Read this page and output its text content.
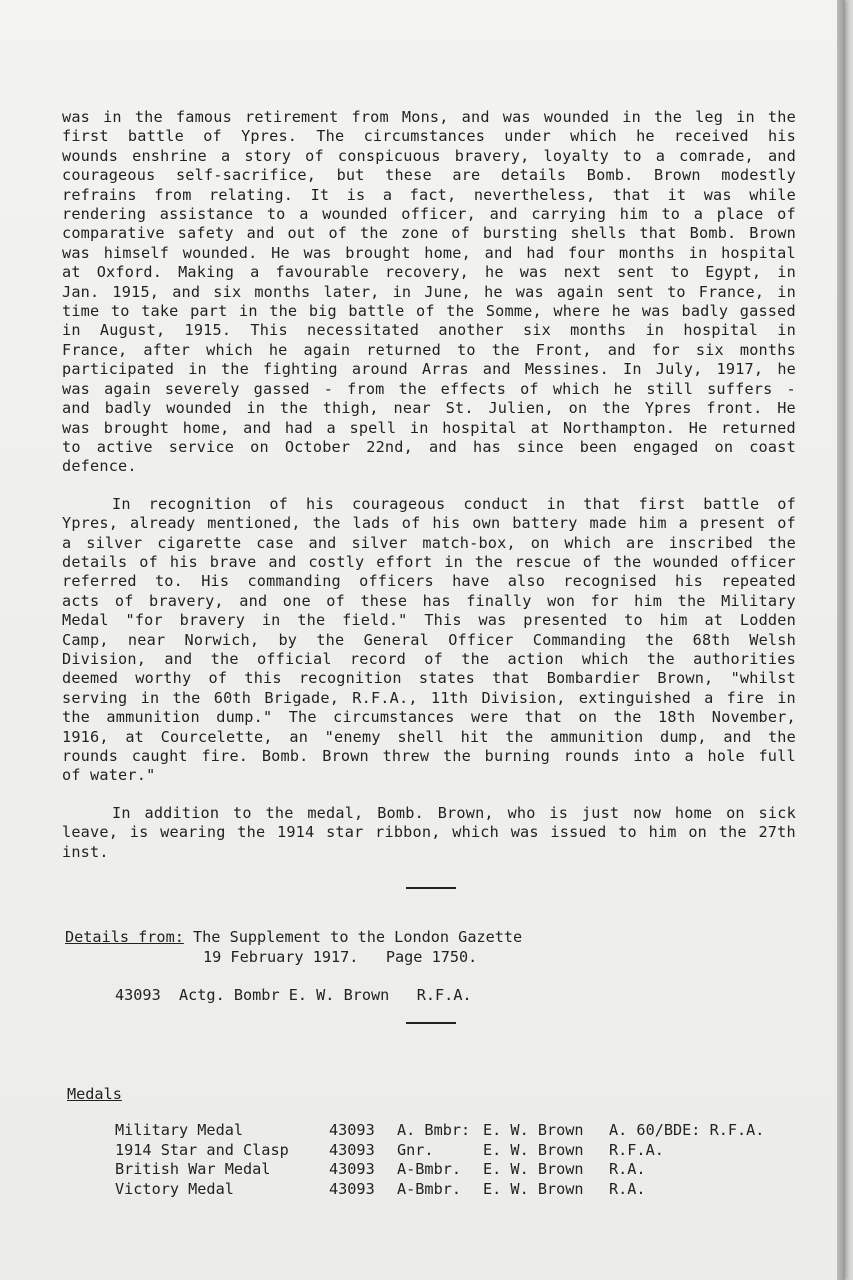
was in the famous retirement from Mons, and was wounded in the leg in the
first battle of Ypres. The circumstances under which he received his
wounds enshrine a story of conspicuous bravery, loyalty to a comrade, and
courageous self-sacrifice, but these are details Bomb. Brown modestly
refrains from relating. It is a fact, nevertheless, that it was while
rendering assistance to a wounded officer, and carrying him to a place of
comparative safety and out of the zone of bursting shells that Bomb. Brown
was himself wounded. He was brought home, and had four months in hospital
at Oxford. Making a favourable recovery, he was next sent to Egypt, in
Jan. 1915, and six months later, in June, he was again sent to France, in
time to take part in the big battle of the Somme, where he was badly gassed
in August, 1915. This necessitated another six months in hospital in
France, after which he again returned to the Front, and for six months
participated in the fighting around Arras and Messines. In July, 1917, he
was again severely gassed - from the effects of which he still suffers -
and badly wounded in the thigh, near St. Julien, on the Ypres front. He
was brought home, and had a spell in hospital at Northampton. He returned
to active service on October 22nd, and has since been engaged on coast
defence.
In recognition of his courageous conduct in that first battle of
Ypres, already mentioned, the lads of his own battery made him a present of
a silver cigarette case and silver match-box, on which are inscribed the
details of his brave and costly effort in the rescue of the wounded officer
referred to. His commanding officers have also recognised his repeated
acts of bravery, and one of these has finally won for him the Military
Medal "for bravery in the field." This was presented to him at Lodden
Camp, near Norwich, by the General Officer Commanding the 68th Welsh
Division, and the official record of the action which the authorities
deemed worthy of this recognition states that Bombardier Brown, "whilst
serving in the 60th Brigade, R.F.A., 11th Division, extinguished a fire in
the ammunition dump." The circumstances were that on the 18th November,
1916, at Courcelette, an "enemy shell hit the ammunition dump, and the
rounds caught fire. Bomb. Brown threw the burning rounds into a hole full
of water."
In addition to the medal, Bomb. Brown, who is just now home on sick
leave, is wearing the 1914 star ribbon, which was issued to him on the 27th
inst.
Details from: The Supplement to the London Gazette
19 February 1917.   Page 1750.
43093  Actg. Bombr E. W. Brown   R.F.A.
Medals
Military Medal	43093	A. Bmbr:	E. W. Brown	A. 60/BDE: R.F.A.
1914 Star and Clasp	43093	Gnr.	E. W. Brown	R.F.A.
British War Medal	43093	A-Bmbr.	E. W. Brown	R.A.
Victory Medal	43093	A-Bmbr.	E. W. Brown	R.A.
